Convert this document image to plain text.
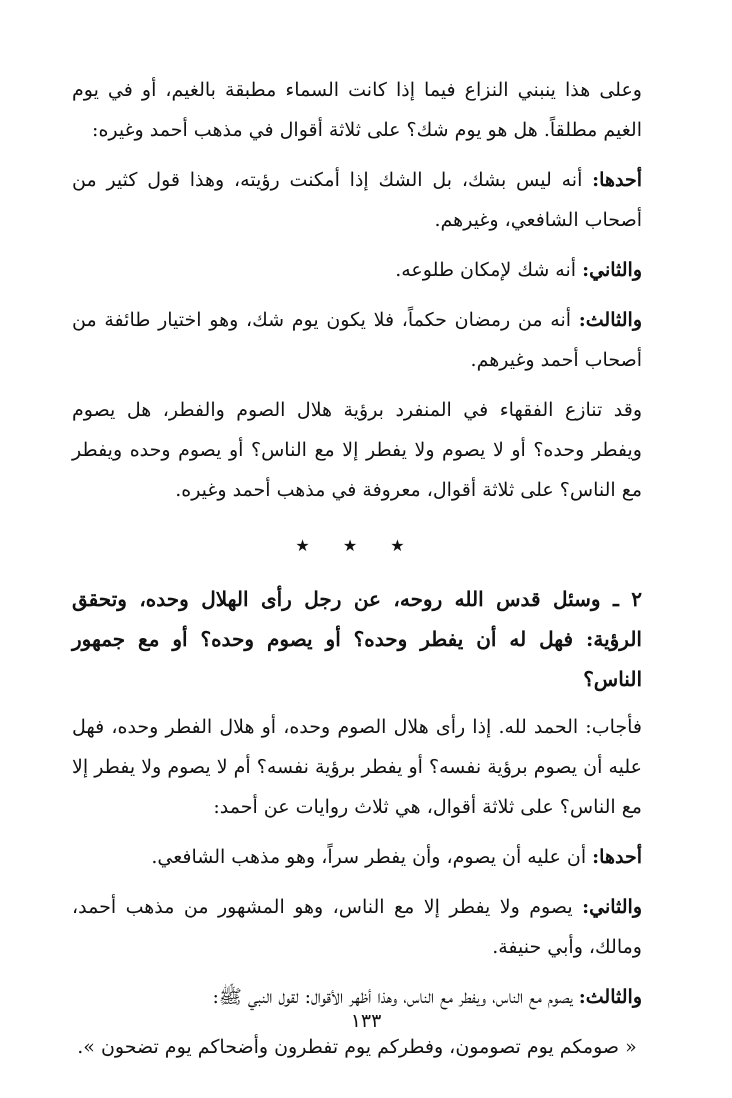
وعلى هذا ينبني النزاع فيما إذا كانت السماء مطبقة بالغيم، أو في يوم الغيم مطلقاً. هل هو يوم شك؟ على ثلاثة أقوال في مذهب أحمد وغيره:

أحدها: أنه ليس بشك، بل الشك إذا أمكنت رؤيته، وهذا قول كثير من أصحاب الشافعي، وغيرهم.

والثاني: أنه شك لإمكان طلوعه.

والثالث: أنه من رمضان حكماً، فلا يكون يوم شك، وهو اختيار طائفة من أصحاب أحمد وغيرهم.

وقد تنازع الفقهاء في المنفرد برؤية هلال الصوم والفطر، هل يصوم ويفطر وحده؟ أو لا يصوم ولا يفطر إلا مع الناس؟ أو يصوم وحده ويفطر مع الناس؟ على ثلاثة أقوال، معروفة في مذهب أحمد وغيره.

★ ★ ★

٢ ـ وسئل قدس الله روحه، عن رجل رأى الهلال وحده، وتحقق الرؤية: فهل له أن يفطر وحده؟ أو يصوم وحده؟ أو مع جمهور الناس؟

فأجاب: الحمد لله. إذا رأى هلال الصوم وحده، أو هلال الفطر وحده، فهل عليه أن يصوم برؤية نفسه؟ أو يفطر برؤية نفسه؟ أم لا يصوم ولا يفطر إلا مع الناس؟ على ثلاثة أقوال، هي ثلاث روايات عن أحمد:

أحدها: أن عليه أن يصوم، وأن يفطر سراً، وهو مذهب الشافعي.

والثاني: يصوم ولا يفطر إلا مع الناس، وهو المشهور من مذهب أحمد، ومالك، وأبي حنيفة.

والثالث: يصوم مع الناس، ويفطر مع الناس، وهذا أظهر الأقوال: لقول النبي ﷺ:

« صومكم يوم تصومون، وفطركم يوم تفطرون وأضحاكم يوم تضحون ».

١٣٣
